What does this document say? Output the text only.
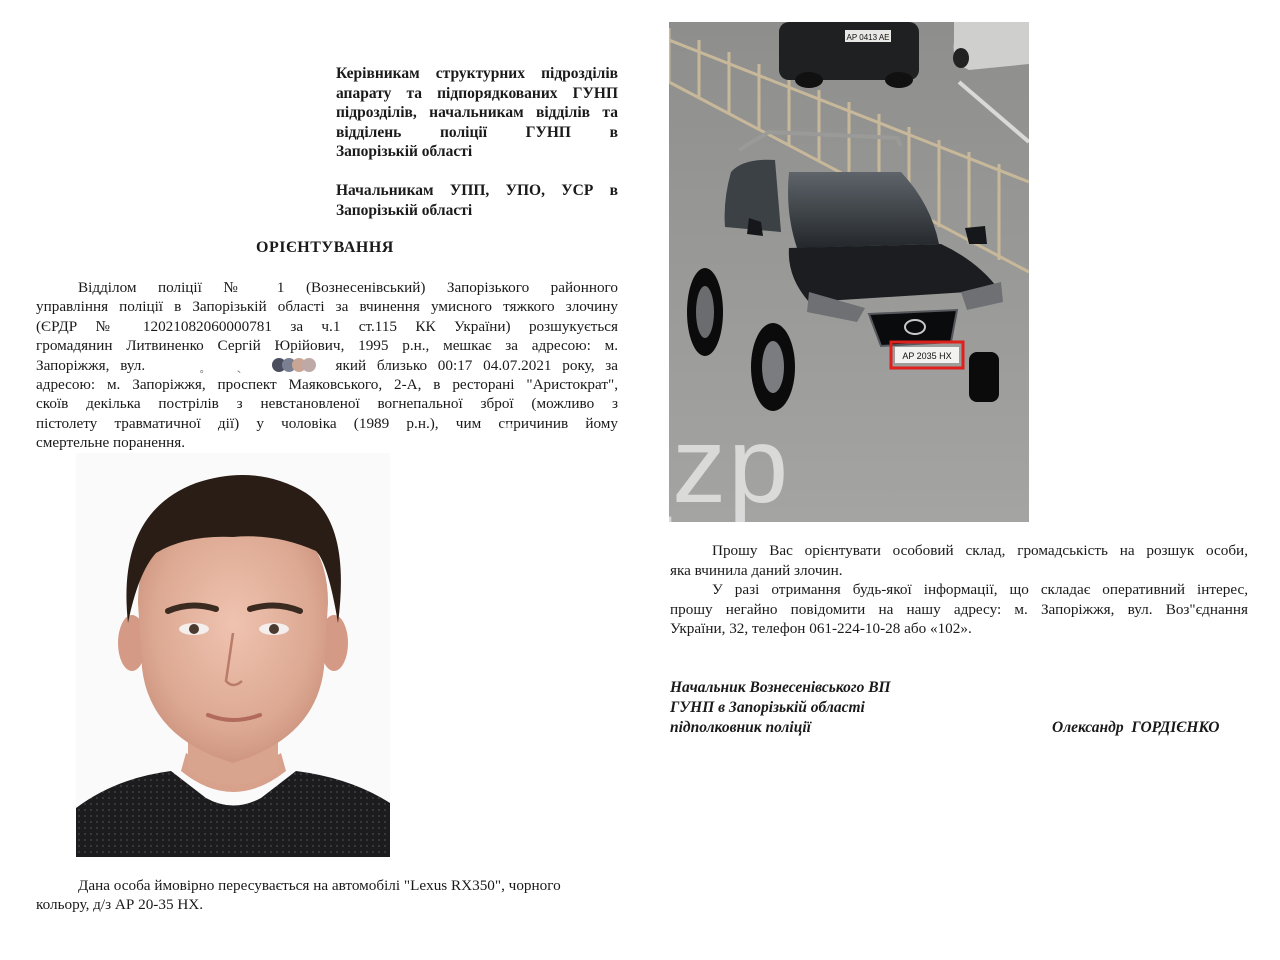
Керівникам структурних підрозділів
апарату та підпорядкованих ГУНП
підрозділів, начальникам відділів та
відділень поліції ГУНП в
Запорізькій області
Начальникам УПП, УПО, УСР в
Запорізькій області
ОРІЄНТУВАННЯ
Відділом поліції № 1 (Вознесенівський) Запорізького районного
управління поліції в Запорізькій області за вчинення умисного тяжкого злочину
(ЄРДР № 12021082060000781 за ч.1 ст.115 КК України) розшукується
громадянин Литвиненко Сергій Юрійович, 1995 р.н., мешкає за адресою: м.
Запоріжжя, вул.	˳ ˎ	який близько 00:17 04.07.2021 року, за
адресою: м. Запоріжжя, проспект Маяковського, 2-А, в ресторані "Аристократ",
скоїв декілька пострілів з невстановленої вогнепальної зброї (можливо з
пістолету травматичної дії) у чоловіка (1989 р.н.), чим спричинив йому
смертельне поранення.
Дана особа ймовірно пересувається на автомобілі "Lexus RX350", чорного
кольору, д/з АР 20-35 НХ.
AP 0413 AE
AP 2035 HX
its_zp
Прошу Вас орієнтувати особовий склад, громадськість на розшук особи,
яка вчинила даний злочин.
У разі отримання будь-якої інформації, що складає оперативний інтерес,
прошу негайно повідомити на нашу адресу: м. Запоріжжя, вул. Воз"єднання
України, 32, телефон 061-224-10-28 або «102».
Начальник Вознесенівського ВП
ГУНП в Запорізькій області
підполковник поліції	Олександр  ГОРДІЄНКО
